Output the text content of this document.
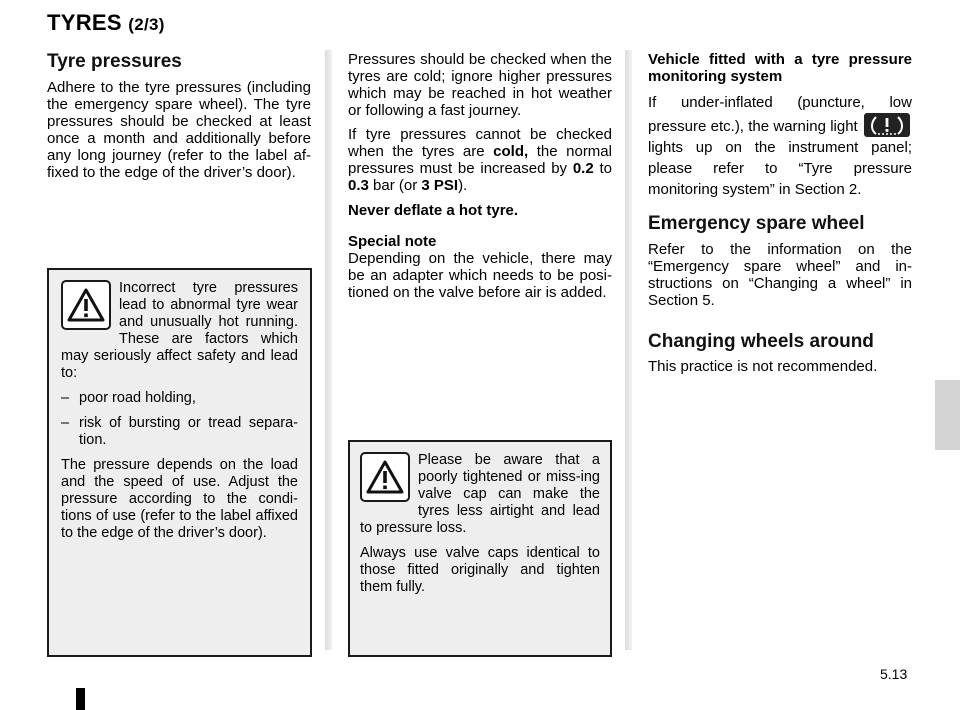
TYRES (2/3)
Tyre pressures

Adhere to the tyre pressures (including the emergency spare wheel). The tyre pressures should be checked at least once a month and additionally before any long journey (refer to the label af-fixed to the edge of the driver’s door).

Incorrect tyre pressures lead to abnormal tyre wear and unusually hot running. These are factors which may seriously affect safety and lead to:

– poor road holding,
– risk of bursting or tread separa-tion.

The pressure depends on the load and the speed of use. Adjust the pressure according to the condi-tions of use (refer to the label affixed to the edge of the driver’s door).

Pressures should be checked when the tyres are cold; ignore higher pressures which may be reached in hot weather or following a fast journey.

If tyre pressures cannot be checked when the tyres are cold, the normal pressures must be increased by 0.2 to 0.3 bar (or 3 PSI).

Never deflate a hot tyre.

Special note

Depending on the vehicle, there may be an adapter which needs to be posi-tioned on the valve before air is added.

Please be aware that a poorly tightened or miss-ing valve cap can make the tyres less airtight and lead to pressure loss.

Always use valve caps identical to those fitted originally and tighten them fully.

Vehicle fitted with a tyre pressure monitoring system

If under-inflated (puncture, low pressure etc.), the warning light  lights up on the instrument panel; please refer to “Tyre pressure monitoring system” in Section 2.

Emergency spare wheel

Refer to the information on the “Emergency spare wheel” and in-structions on “Changing a wheel” in Section 5.

Changing wheels around

This practice is not recommended.

5.13
